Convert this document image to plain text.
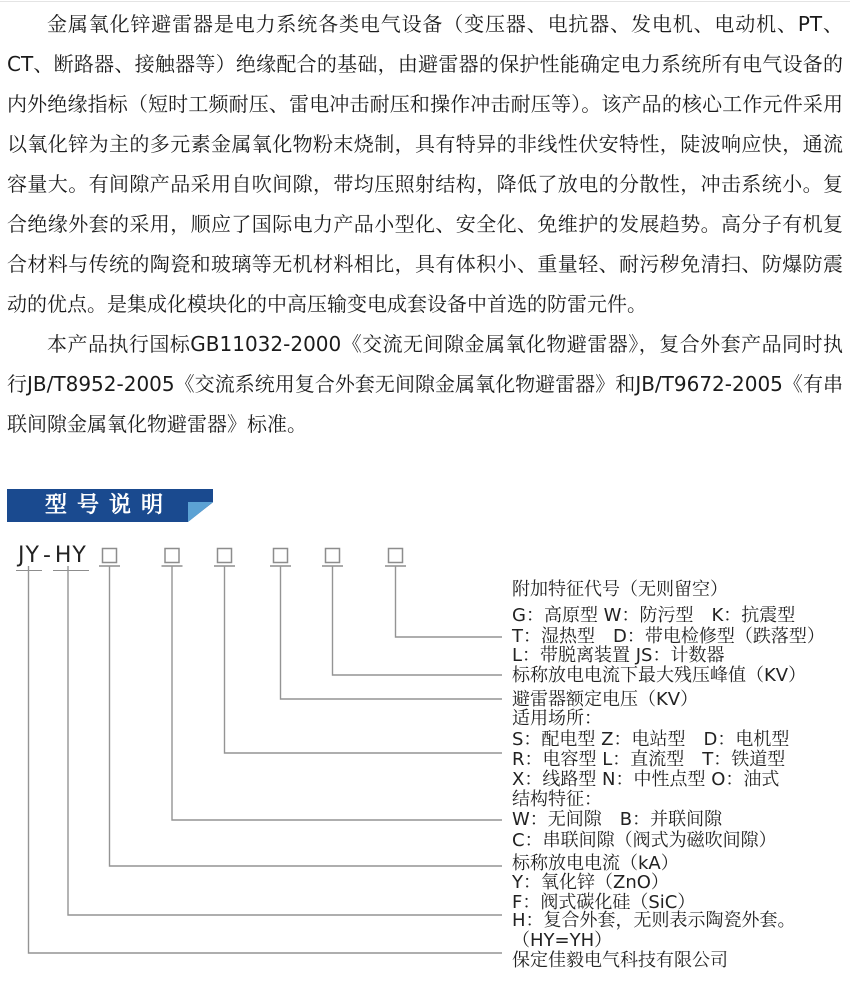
金属氧化锌避雷器是电力系统各类电气设备（变压器、电抗器、发电机、电动机、PT、CT、断路器、接触器等）绝缘配合的基础，由避雷器的保护性能确定电力系统所有电气设备的内外绝缘指标（短时工频耐压、雷电冲击耐压和操作冲击耐压等）。该产品的核心工作元件采用以氧化锌为主的多元素金属氧化物粉末烧制，具有特异的非线性伏安特性，陡波响应快，通流容量大。有间隙产品采用自吹间隙，带均压照射结构，降低了放电的分散性，冲击系统小。复合绝缘外套的采用，顺应了国际电力产品小型化、安全化、免维护的发展趋势。高分子有机复合材料与传统的陶瓷和玻璃等无机材料相比，具有体积小、重量轻、耐污秽免清扫、防爆防震动的优点。是集成化模块化的中高压输变电成套设备中首选的防雷元件。

本产品执行国标GB11032-2000《交流无间隙金属氧化物避雷器》，复合外套产品同时执行JB/T8952-2005《交流系统用复合外套无间隙金属氧化物避雷器》和JB/T9672-2005《有串联间隙金属氧化物避雷器》标准。

型号说明
JY - HY
附加特征代号（无则留空）
G：高原型 W：防污型　K：抗震型
T：湿热型　D：带电检修型（跌落型）
L：带脱离装置 JS：计数器
标称放电电流下最大残压峰值（KV）
避雷器额定电压（KV）
适用场所：
S：配电型 Z：电站型　D：电机型
R：电容型 L：直流型　T：铁道型
X：线路型 N：中性点型 O：油式
结构特征：
W：无间隙　B：并联间隙
C：串联间隙（阀式为磁吹间隙）
标称放电电流（kA）
Y：氧化锌（ZnO）
F：阀式碳化硅（SiC）
H：复合外套，无则表示陶瓷外套。
（HY=YH）
保定佳毅电气科技有限公司
